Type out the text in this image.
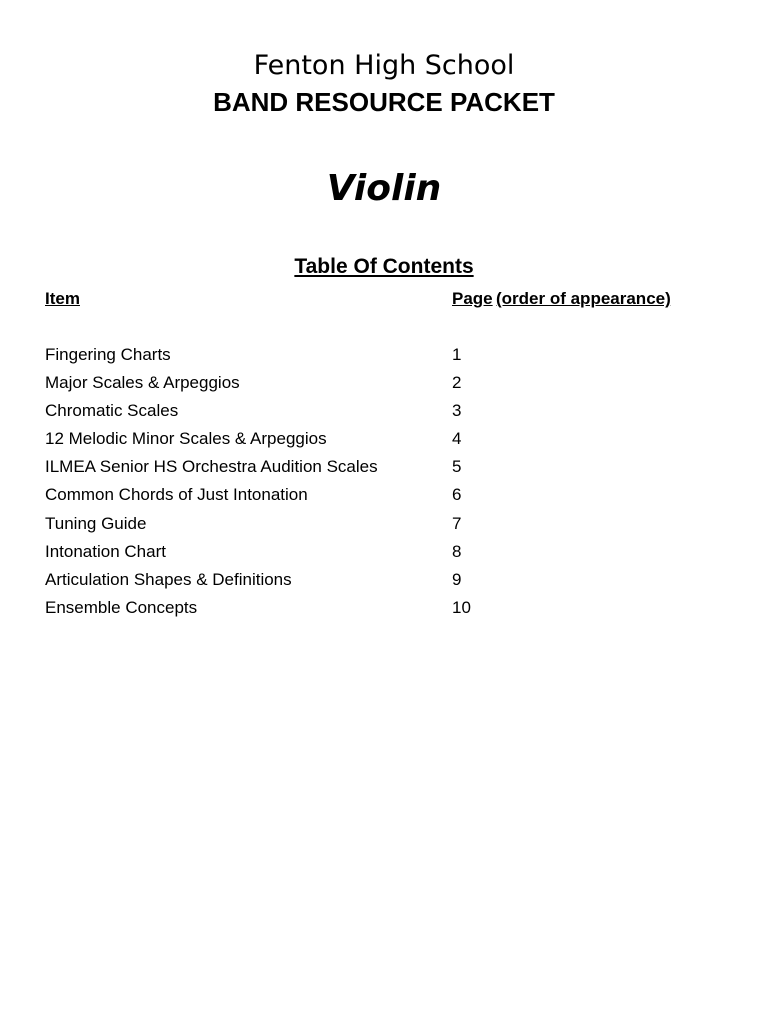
Fenton High School
BAND RESOURCE PACKET
Violin
Table Of Contents
Item	Page (order of appearance)
Fingering Charts	1
Major Scales & Arpeggios	2
Chromatic Scales	3
12 Melodic Minor Scales & Arpeggios	4
ILMEA Senior HS Orchestra Audition Scales	5
Common Chords of Just Intonation	6
Tuning Guide	7
Intonation Chart	8
Articulation Shapes & Definitions	9
Ensemble Concepts	10
